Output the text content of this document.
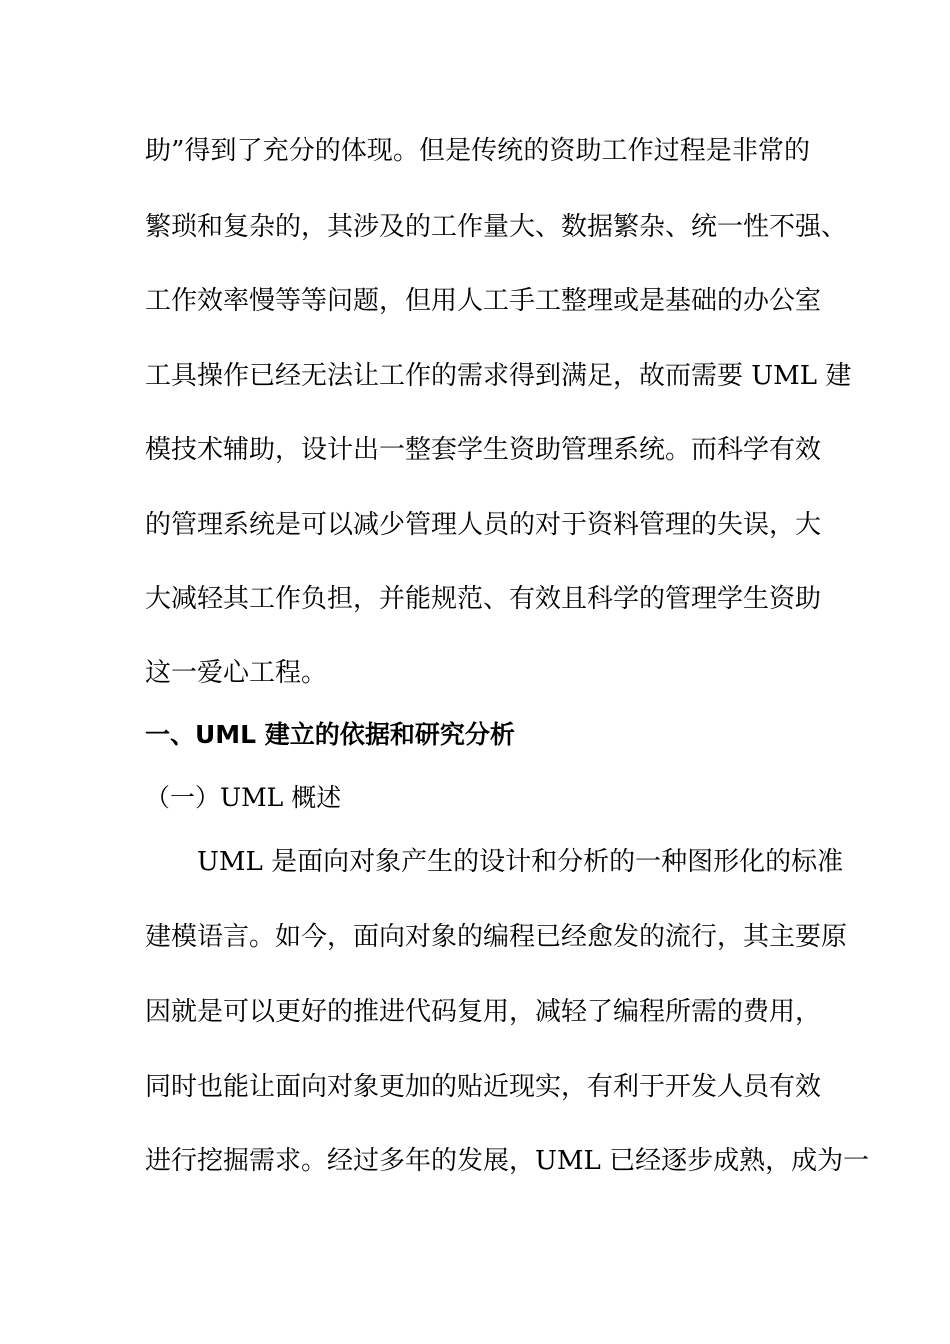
助”得到了充分的体现。但是传统的资助工作过程是非常的
繁琐和复杂的，其涉及的工作量大、数据繁杂、统一性不强、
工作效率慢等等问题，但用人工手工整理或是基础的办公室
工具操作已经无法让工作的需求得到满足，故而需要 UML 建
模技术辅助，设计出一整套学生资助管理系统。而科学有效
的管理系统是可以减少管理人员的对于资料管理的失误，大
大减轻其工作负担，并能规范、有效且科学的管理学生资助
这一爱心工程。
一、UML 建立的依据和研究分析
（一）UML 概述
UML 是面向对象产生的设计和分析的一种图形化的标准
建模语言。如今，面向对象的编程已经愈发的流行，其主要原
因就是可以更好的推进代码复用，减轻了编程所需的费用，
同时也能让面向对象更加的贴近现实，有利于开发人员有效
进行挖掘需求。经过多年的发展，UML 已经逐步成熟，成为一
